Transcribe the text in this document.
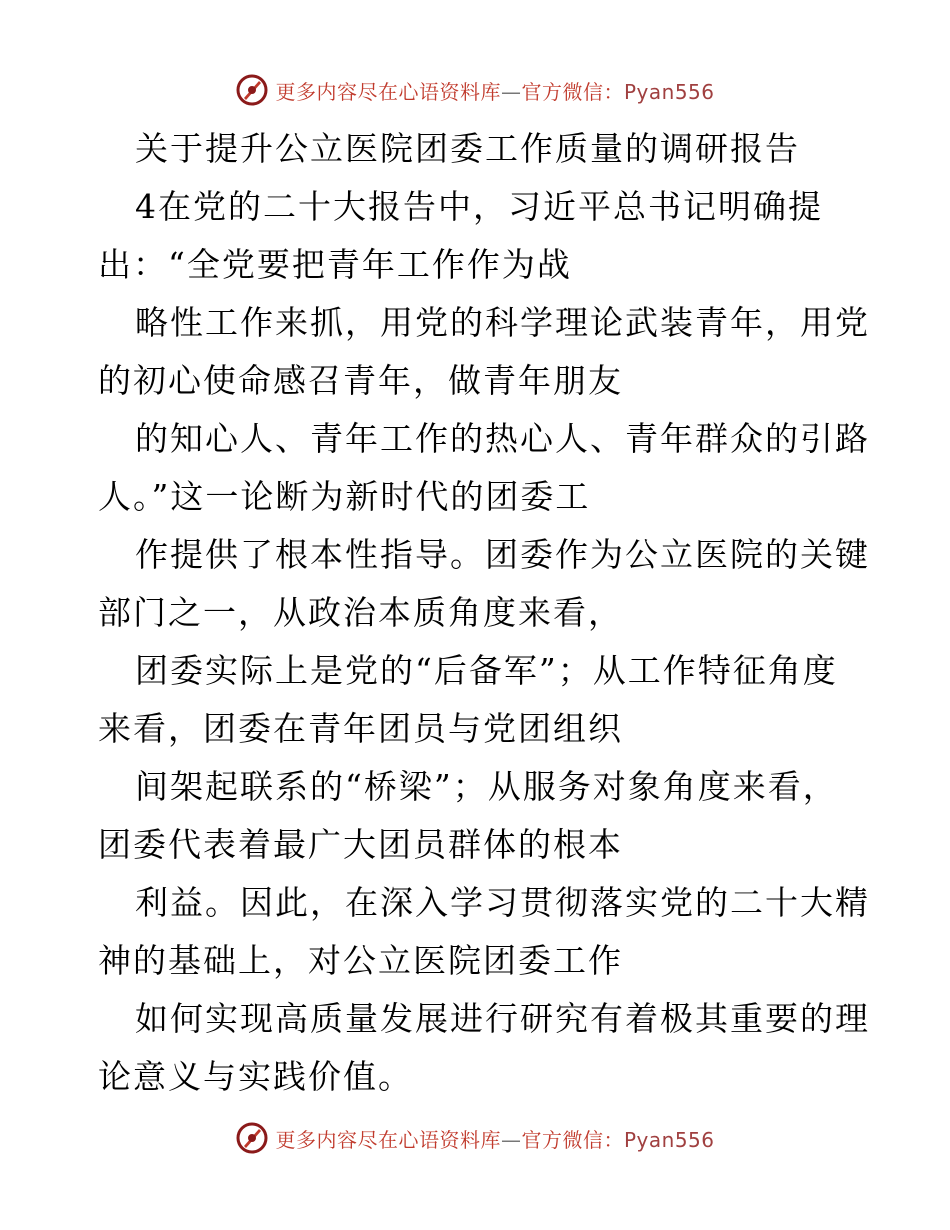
更多内容尽在心语资料库—官方微信：Pyan556
关于提升公立医院团委工作质量的调研报告
4在党的二十大报告中，习近平总书记明确提
出：“全党要把青年工作作为战
略性工作来抓，用党的科学理论武装青年，用党
的初心使命感召青年，做青年朋友
的知心人、青年工作的热心人、青年群众的引路
人。”这一论断为新时代的团委工
作提供了根本性指导。团委作为公立医院的关键
部门之一，从政治本质角度来看，
团委实际上是党的“后备军”；从工作特征角度
来看，团委在青年团员与党团组织
间架起联系的“桥梁”；从服务对象角度来看，
团委代表着最广大团员群体的根本
利益。因此，在深入学习贯彻落实党的二十大精
神的基础上，对公立医院团委工作
如何实现高质量发展进行研究有着极其重要的理
论意义与实践价值。
更多内容尽在心语资料库—官方微信：Pyan556
